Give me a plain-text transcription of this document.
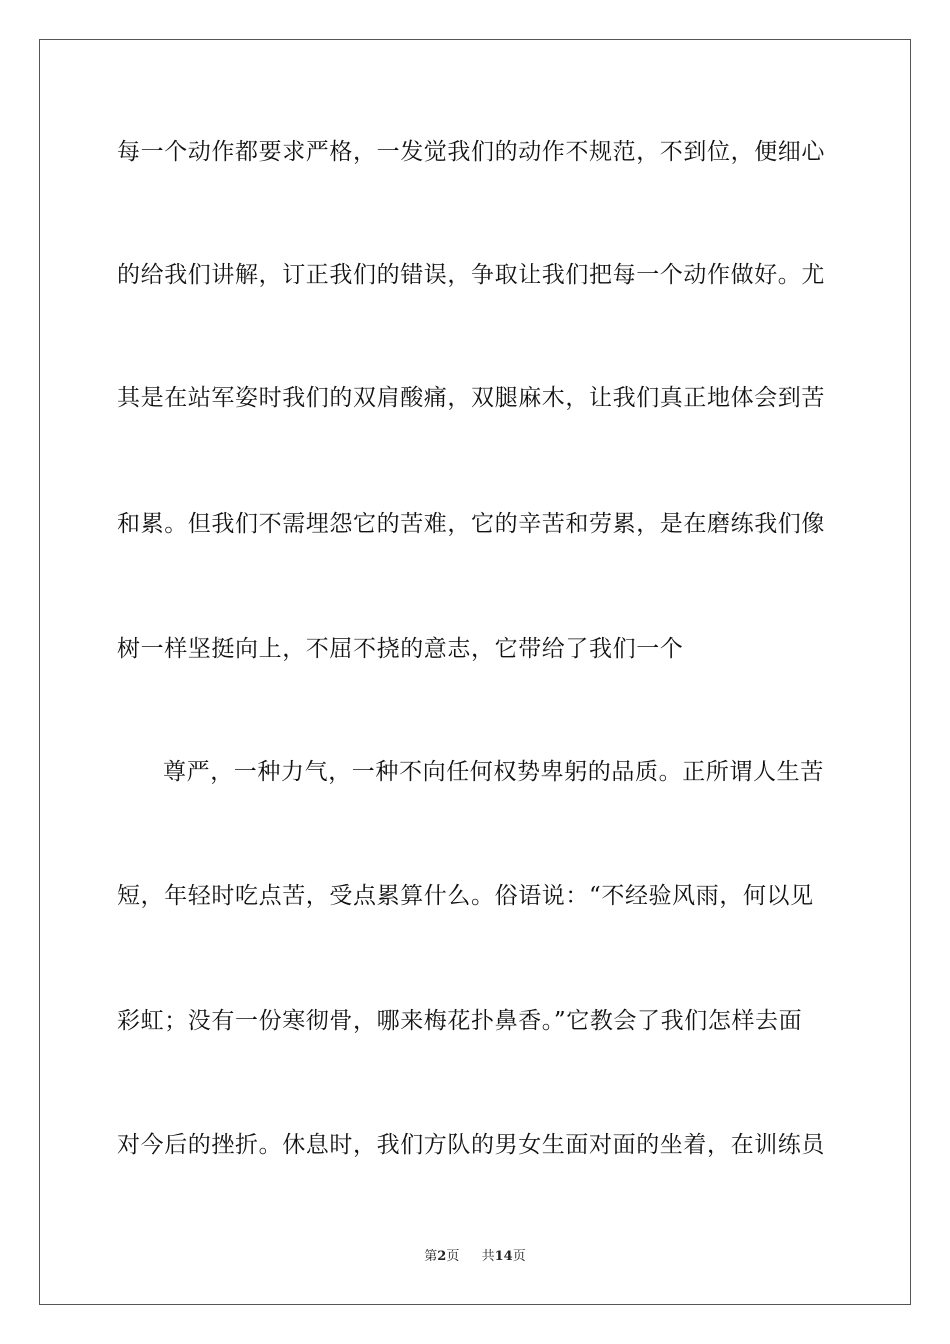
每一个动作都要求严格，一发觉我们的动作不规范，不到位，便细心
的给我们讲解，订正我们的错误，争取让我们把每一个动作做好。尤
其是在站军姿时我们的双肩酸痛，双腿麻木，让我们真正地体会到苦
和累。但我们不需埋怨它的苦难，它的辛苦和劳累，是在磨练我们像
树一样坚挺向上，不屈不挠的意志，它带给了我们一个
尊严，一种力气，一种不向任何权势卑躬的品质。正所谓人生苦
短，年轻时吃点苦，受点累算什么。俗语说：“不经验风雨，何以见
彩虹；没有一份寒彻骨，哪来梅花扑鼻香。”它教会了我们怎样去面
对今后的挫折。休息时，我们方队的男女生面对面的坐着，在训练员
第2页 共14页
